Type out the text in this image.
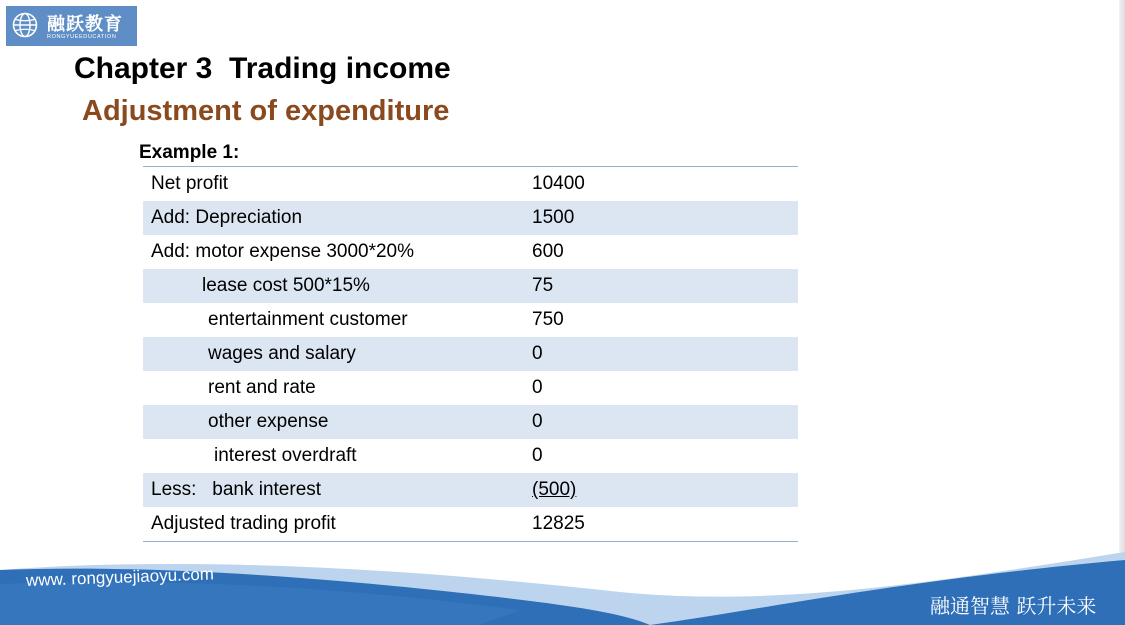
融跃教育
RONGYUEEDUCATION
Chapter 3  Trading income
Adjustment of expenditure
Example 1:
Net profit	10400
Add: Depreciation	1500
Add: motor expense 3000*20%	600
lease cost 500*15%	75
entertainment customer	750
wages and salary	0
rent and rate	0
other expense	0
interest overdraft	0
Less:   bank interest	(500)
Adjusted trading profit	12825
www. rongyuejiaoyu.com
融通智慧 跃升未来
